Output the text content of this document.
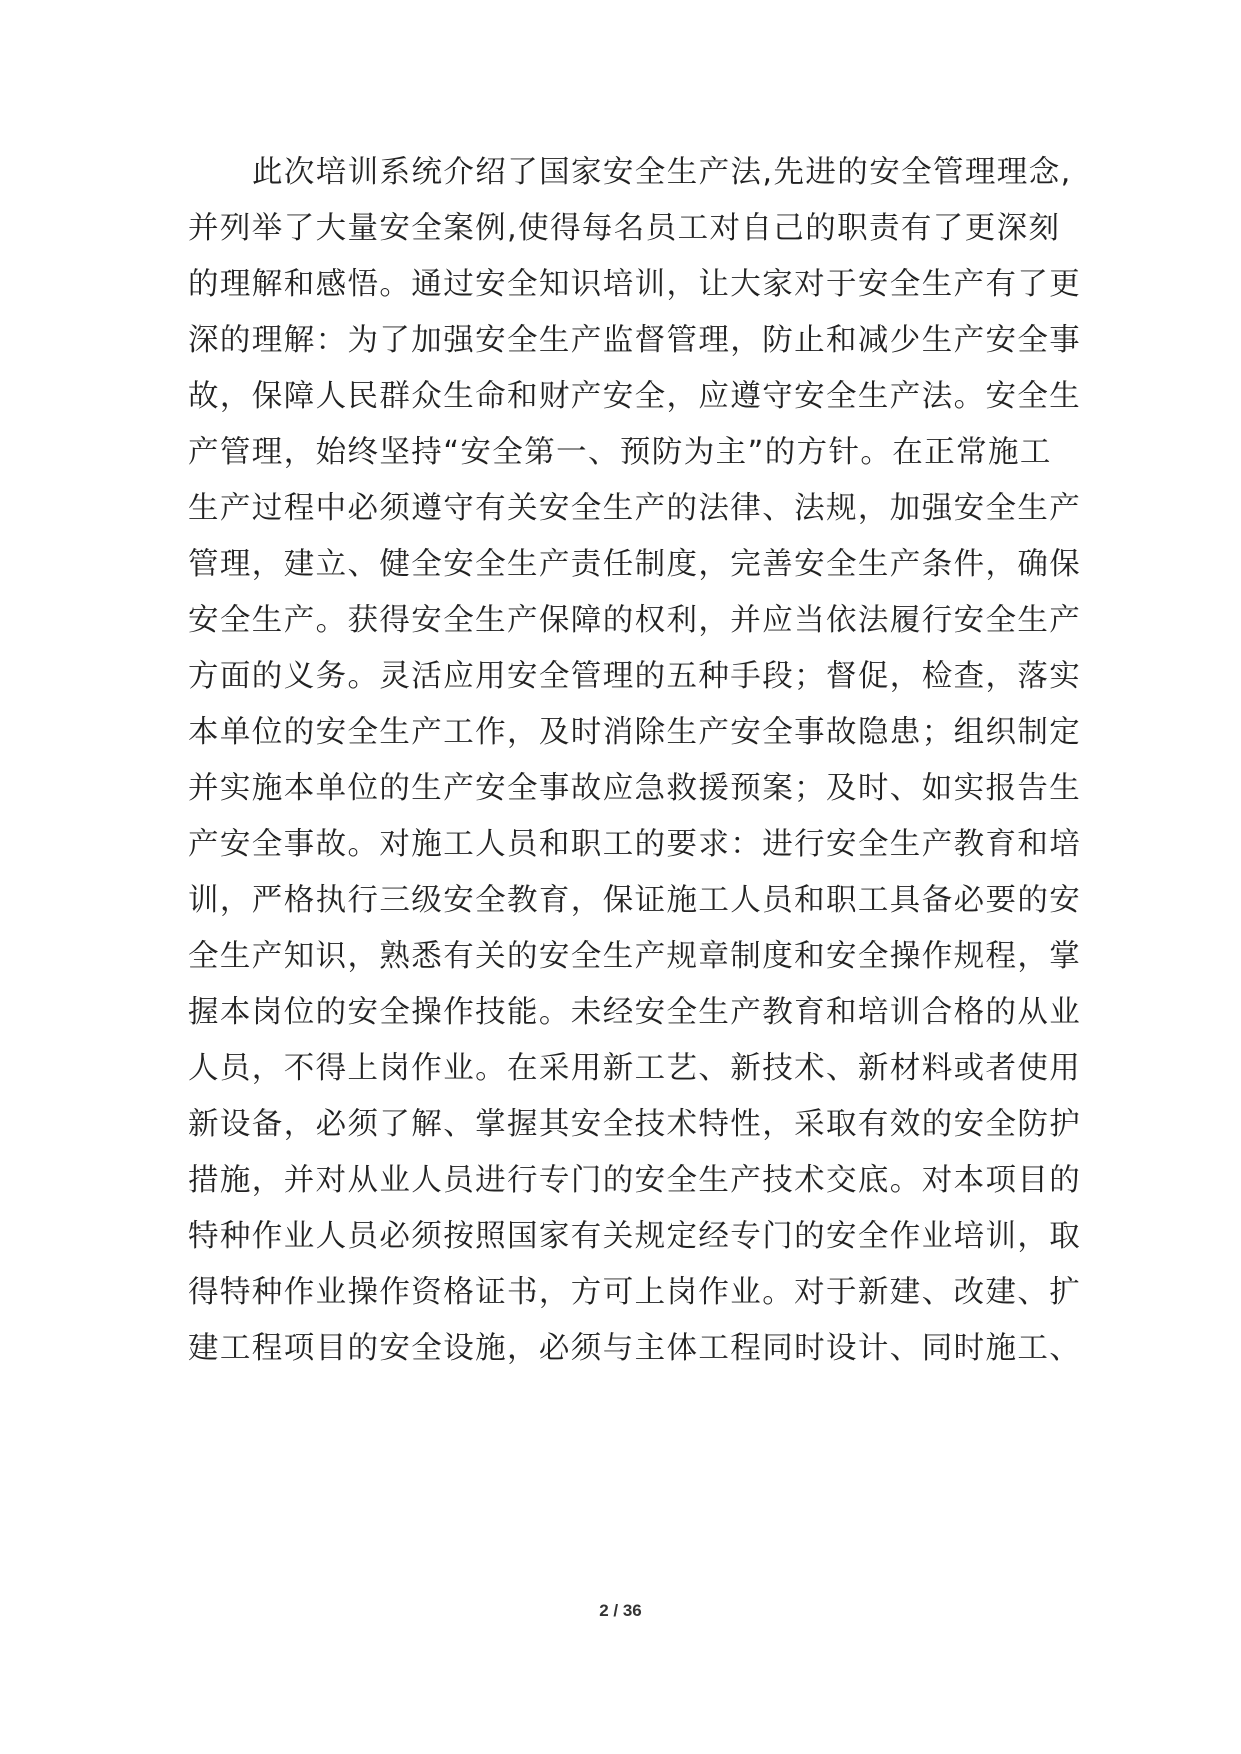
此次培训系统介绍了国家安全生产法,先进的安全管理理念,
并列举了大量安全案例,使得每名员工对自己的职责有了更深刻
的理解和感悟。通过安全知识培训，让大家对于安全生产有了更
深的理解：为了加强安全生产监督管理，防止和减少生产安全事
故，保障人民群众生命和财产安全，应遵守安全生产法。安全生
产管理，始终坚持“安全第一、预防为主”的方针。在正常施工
生产过程中必须遵守有关安全生产的法律、法规，加强安全生产
管理，建立、健全安全生产责任制度，完善安全生产条件，确保
安全生产。获得安全生产保障的权利，并应当依法履行安全生产
方面的义务。灵活应用安全管理的五种手段；督促，检查，落实
本单位的安全生产工作，及时消除生产安全事故隐患；组织制定
并实施本单位的生产安全事故应急救援预案；及时、如实报告生
产安全事故。对施工人员和职工的要求：进行安全生产教育和培
训，严格执行三级安全教育，保证施工人员和职工具备必要的安
全生产知识，熟悉有关的安全生产规章制度和安全操作规程，掌
握本岗位的安全操作技能。未经安全生产教育和培训合格的从业
人员，不得上岗作业。在采用新工艺、新技术、新材料或者使用
新设备，必须了解、掌握其安全技术特性，采取有效的安全防护
措施，并对从业人员进行专门的安全生产技术交底。对本项目的
特种作业人员必须按照国家有关规定经专门的安全作业培训，取
得特种作业操作资格证书，方可上岗作业。对于新建、改建、扩
建工程项目的安全设施，必须与主体工程同时设计、同时施工、
2 / 36
